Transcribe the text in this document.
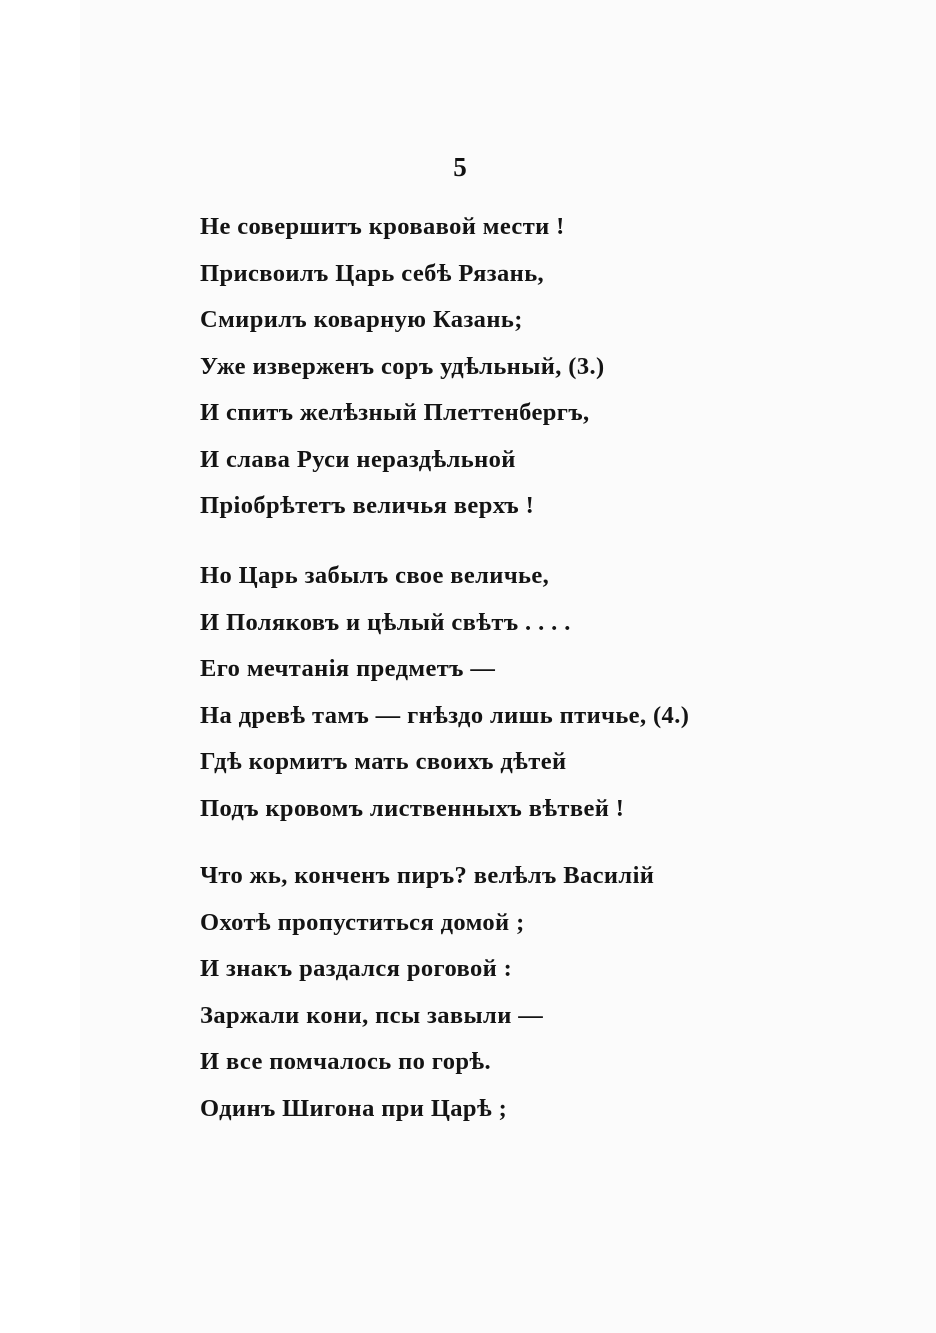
5
Не совершитъ кровавой мести !
Присвоилъ Царь себѣ Рязань,
Смирилъ коварную Казань;
Уже изверженъ соръ удѣльный, (3.)
И спитъ желѣзный Плеттенбергъ,
И слава Руси нераздѣльной
Пріобрѣтетъ величья верхъ !
Но Царь забылъ свое величье,
И Поляковъ и цѣлый свѣтъ . . . .
Его мечтанія предметъ —
На древѣ тамъ — гнѣздо лишь птичье, (4.)
Гдѣ кормитъ мать своихъ дѣтей
Подъ кровомъ лиственныхъ вѣтвей !
Что жь, конченъ пиръ? велѣлъ Василій
Охотѣ пропуститься домой ;
И знакъ раздался роговой :
Заржали кони, псы завыли —
И все помчалось по горѣ.
Одинъ Шигона при Царѣ ;
